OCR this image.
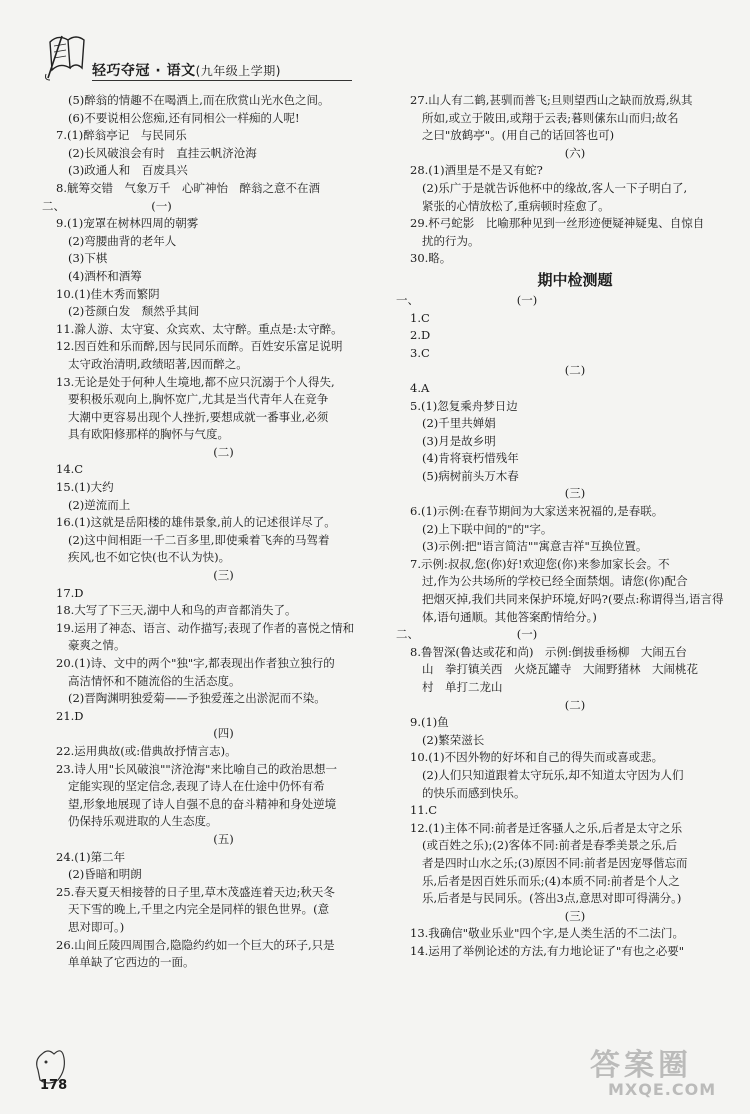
轻巧夺冠 · 语文(九年级上学期)
(5)醉翁的情趣不在喝酒上,而在欣赏山光水色之间。
(6)不要说相公您痴,还有同相公一样痴的人呢!
7.(1)醉翁亭记　与民同乐
(2)长风破浪会有时　直挂云帆济沧海
(3)政通人和　百废具兴
8.觥筹交错　气象万千　心旷神怡　醉翁之意不在酒
二、　　　　　　　　(一)
9.(1)宠罩在树林四周的朝雾
(2)弯腰曲背的老年人
(3)下棋
(4)酒杯和酒筹
10.(1)佳木秀而繁阴
(2)苍颜白发　颓然乎其间
11.滁人游、太守宴、众宾欢、太守醉。重点是:太守醉。
12.因百姓和乐而醉,因与民同乐而醉。百姓安乐富足说明
太守政治清明,政绩昭著,因而醉之。
13.无论是处于何种人生境地,都不应只沉溺于个人得失,
要积极乐观向上,胸怀宽广,尤其是当代青年人在竞争
大潮中更容易出现个人挫折,要想成就一番事业,必须
具有欧阳修那样的胸怀与气度。
(二)
14.C
15.(1)大约
(2)逆流而上
16.(1)这就是岳阳楼的雄伟景象,前人的记述很详尽了。
(2)这中间相距一千二百多里,即使乘着飞奔的马驾着
疾风,也不如它快(也不认为快)。
(三)
17.D
18.大写了下三天,湖中人和鸟的声音都消失了。
19.运用了神态、语言、动作描写;表现了作者的喜悦之情和
豪爽之情。
20.(1)诗、文中的两个"独"字,都表现出作者独立独行的
高洁情怀和不随流俗的生活态度。
(2)晋陶渊明独爱菊——予独爱莲之出淤泥而不染。
21.D
(四)
22.运用典故(或:借典故抒情言志)。
23.诗人用"长风破浪""济沧海"来比喻自己的政治思想一
定能实现的坚定信念,表现了诗人在仕途中仍怀有希
望,形象地展现了诗人自强不息的奋斗精神和身处逆境
仍保持乐观进取的人生态度。
(五)
24.(1)第二年
(2)昏暗和明朗
25.春天夏天相接替的日子里,草木茂盛连着天边;秋天冬
天下雪的晚上,千里之内完全是同样的银色世界。(意
思对即可。)
26.山间丘陵四周围合,隐隐约约如一个巨大的环子,只是
单单缺了它西边的一面。
27.山人有二鹤,甚驯而善飞;旦则望西山之缺而放焉,纵其
所如,或立于陂田,或翔于云表;暮则傃东山而归;故名
之曰"放鹤亭"。(用自己的话回答也可)
(六)
28.(1)酒里是不是又有蛇?
(2)乐广于是就告诉他杯中的缘故,客人一下子明白了,
紧张的心情放松了,重病顿时痊愈了。
29.杯弓蛇影　比喻那种见到一丝形迹便疑神疑鬼、自惊自
扰的行为。
30.略。
期中检测题
一、　　　　　　　　　(一)
1.C
2.D
3.C
(二)
4.A
5.(1)忽复乘舟梦日边
(2)千里共婵娟
(3)月是故乡明
(4)肯将衰朽惜残年
(5)病树前头万木春
(三)
6.(1)示例:在春节期间为大家送来祝福的,是春联。
(2)上下联中间的"的"字。
(3)示例:把"语言简洁""寓意吉祥"互换位置。
7.示例:叔叔,您(你)好!欢迎您(你)来参加家长会。不
过,作为公共场所的学校已经全面禁烟。请您(你)配合
把烟灭掉,我们共同来保护环境,好吗?(要点:称谓得当,语言得
体,语句通顺。其他答案酌情给分。)
二、　　　　　　　　　(一)
8.鲁智深(鲁达或花和尚)　示例:倒拔垂杨柳　大闹五台
山　拳打镇关西　火烧瓦罐寺　大闹野猪林　大闹桃花
村　单打二龙山
(二)
9.(1)鱼
(2)繁荣滋长
10.(1)不因外物的好坏和自己的得失而或喜或悲。
(2)人们只知道跟着太守玩乐,却不知道太守因为人们
的快乐而感到快乐。
11.C
12.(1)主体不同:前者是迁客骚人之乐,后者是太守之乐
(或百姓之乐);(2)客体不同:前者是春季美景之乐,后
者是四时山水之乐;(3)原因不同:前者是因宠辱偕忘而
乐,后者是因百姓乐而乐;(4)本质不同:前者是个人之
乐,后者是与民同乐。(答出3点,意思对即可得满分。)
(三)
13.我确信"敬业乐业"四个字,是人类生活的不二法门。
14.运用了举例论述的方法,有力地论证了"有也之必要"
178
答案圈
MXQE.COM
